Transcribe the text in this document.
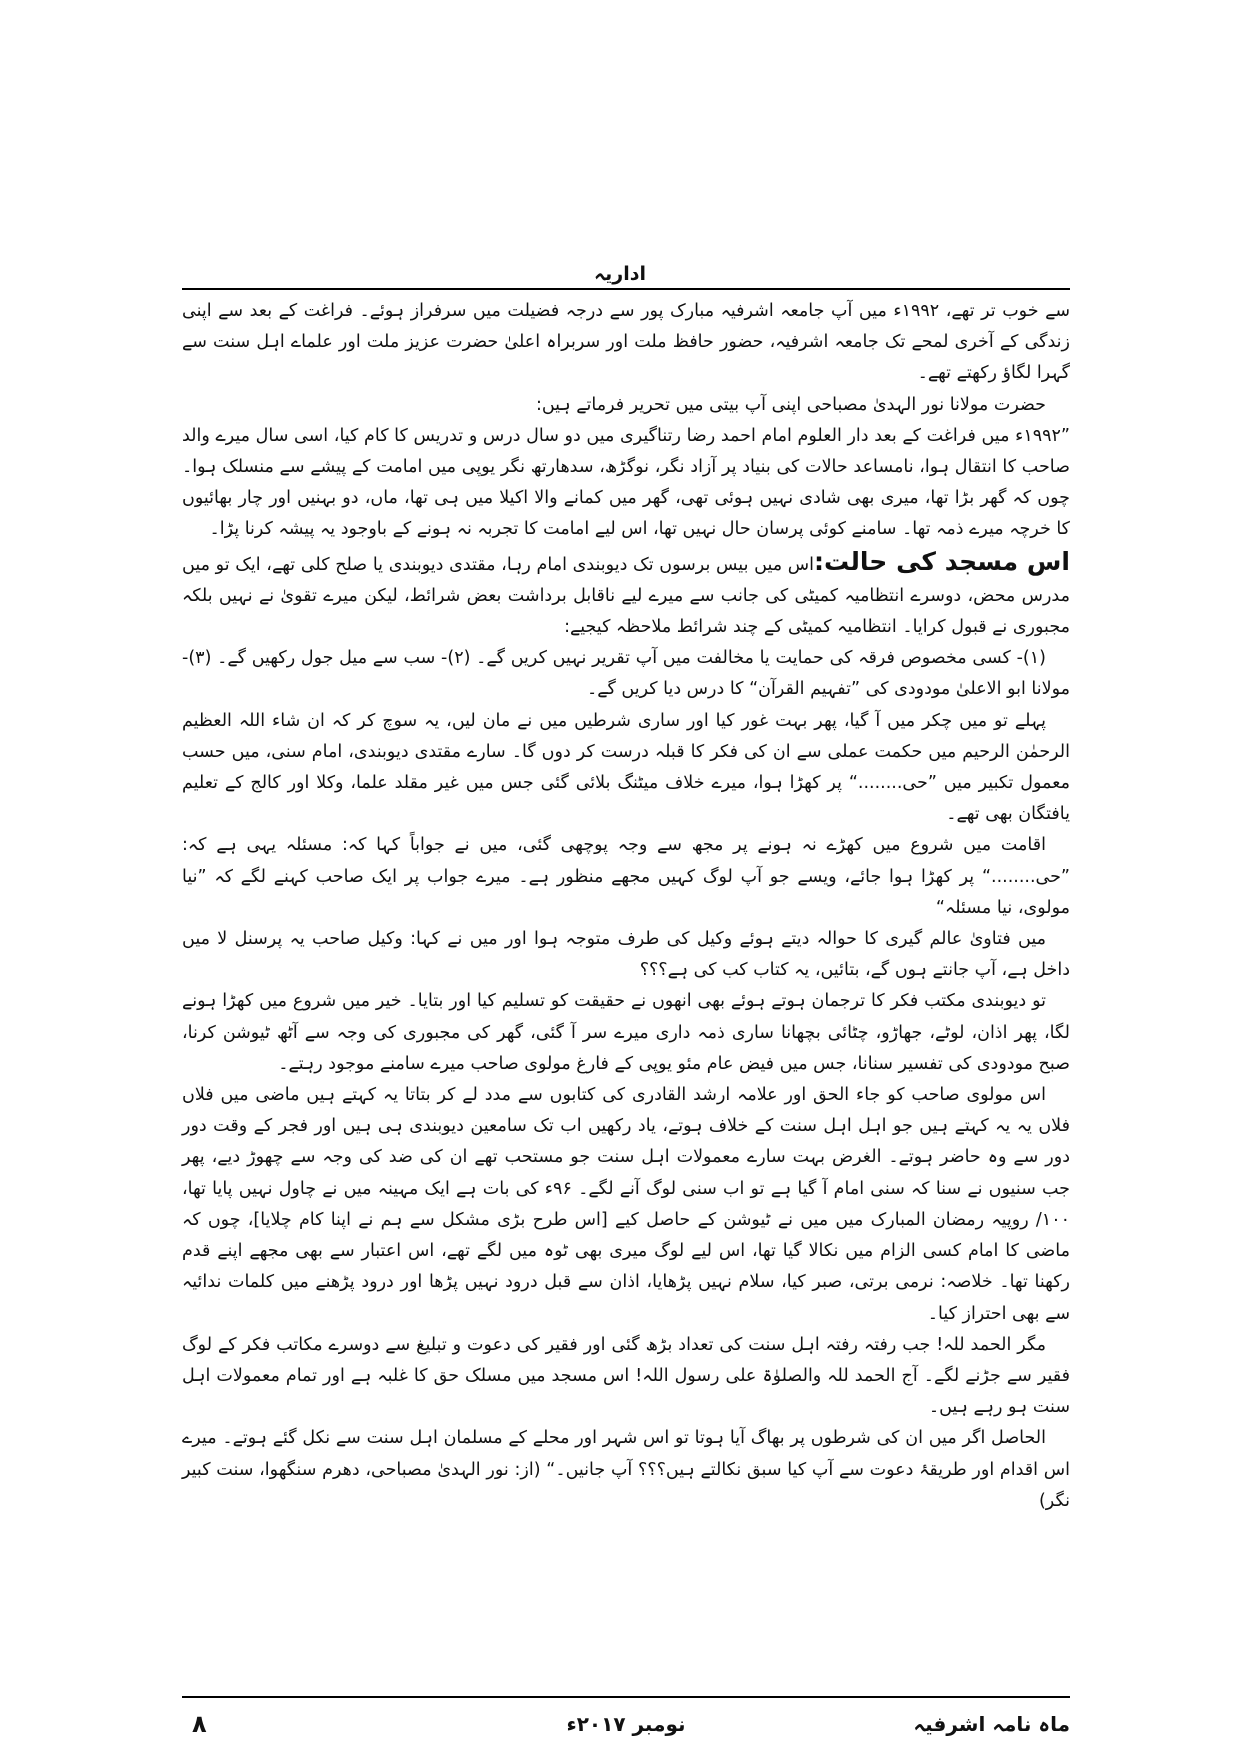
اداریہ

سے خوب تر تھے، ۱۹۹۲ء میں آپ جامعہ اشرفیہ مبارک پور سے درجہ فضیلت میں سرفراز ہوئے۔ فراغت کے بعد سے اپنی زندگی کے آخری لمحے تک جامعہ اشرفیہ، حضور حافظ ملت اور سربراہ اعلیٰ حضرت عزیز ملت اور علماے اہل سنت سے گہرا لگاؤ رکھتے تھے۔

حضرت مولانا نور الہدیٰ مصباحی اپنی آپ بیتی میں تحریر فرماتے ہیں:

”۱۹۹۲ء میں فراغت کے بعد دار العلوم امام احمد رضا رتناگیری میں دو سال درس و تدریس کا کام کیا، اسی سال میرے والد صاحب کا انتقال ہوا، نامساعد حالات کی بنیاد پر آزاد نگر، نوگڑھ، سدھارتھ نگر یوپی میں امامت کے پیشے سے منسلک ہوا۔ چوں کہ گھر بڑا تھا، میری بھی شادی نہیں ہوئی تھی، گھر میں کمانے والا اکیلا میں ہی تھا، ماں، دو بہنیں اور چار بھائیوں کا خرچہ میرے ذمہ تھا۔ سامنے کوئی پرسان حال نہیں تھا، اس لیے امامت کا تجربہ نہ ہونے کے باوجود یہ پیشہ کرنا پڑا۔

اس مسجد کی حالت:اس میں بیس برسوں تک دیوبندی امام رہا، مقتدی دیوبندی یا صلح کلی تھے، ایک تو میں مدرس محض، دوسرے انتظامیہ کمیٹی کی جانب سے میرے لیے ناقابل برداشت بعض شرائط، لیکن میرے تقویٰ نے نہیں بلکہ مجبوری نے قبول کرایا۔ انتظامیہ کمیٹی کے چند شرائط ملاحظہ کیجیے:

(۱)- کسی مخصوص فرقہ کی حمایت یا مخالفت میں آپ تقریر نہیں کریں گے۔ (۲)- سب سے میل جول رکھیں گے۔ (۳)- مولانا ابو الاعلیٰ مودودی کی ”تفہیم القرآن“ کا درس دیا کریں گے۔

پہلے تو میں چکر میں آ گیا، پھر بہت غور کیا اور ساری شرطیں میں نے مان لیں، یہ سوچ کر کہ ان شاء اللہ العظیم الرحمٰن الرحیم میں حکمت عملی سے ان کی فکر کا قبلہ درست کر دوں گا۔ سارے مقتدی دیوبندی، امام سنی، میں حسب معمول تکبیر میں ”حی........“ پر کھڑا ہوا، میرے خلاف میٹنگ بلائی گئی جس میں غیر مقلد علما، وکلا اور کالج کے تعلیم یافتگان بھی تھے۔

اقامت میں شروع میں کھڑے نہ ہونے پر مجھ سے وجہ پوچھی گئی، میں نے جواباً کہا کہ: مسئلہ یہی ہے کہ: ”حی........“ پر کھڑا ہوا جائے، ویسے جو آپ لوگ کہیں مجھے منظور ہے۔ میرے جواب پر ایک صاحب کہنے لگے کہ ”نیا مولوی، نیا مسئلہ“

میں فتاویٰ عالم گیری کا حوالہ دیتے ہوئے وکیل کی طرف متوجہ ہوا اور میں نے کہا: وکیل صاحب یہ پرسنل لا میں داخل ہے، آپ جانتے ہوں گے، بتائیں، یہ کتاب کب کی ہے؟؟؟

تو دیوبندی مکتب فکر کا ترجمان ہوتے ہوئے بھی انھوں نے حقیقت کو تسلیم کیا اور بتایا۔ خیر میں شروع میں کھڑا ہونے لگا، پھر اذان، لوٹے، جھاڑو، چٹائی بچھانا ساری ذمہ داری میرے سر آ گئی، گھر کی مجبوری کی وجہ سے آٹھ ٹیوشن کرنا، صبح مودودی کی تفسیر سنانا، جس میں فیض عام مئو یوپی کے فارغ مولوی صاحب میرے سامنے موجود رہتے۔

اس مولوی صاحب کو جاء الحق اور علامہ ارشد القادری کی کتابوں سے مدد لے کر بتاتا یہ کہتے ہیں ماضی میں فلاں فلاں یہ یہ کہتے ہیں جو اہل اہل سنت کے خلاف ہوتے، یاد رکھیں اب تک سامعین دیوبندی ہی ہیں اور فجر کے وقت دور دور سے وہ حاضر ہوتے۔ الغرض بہت سارے معمولات اہل سنت جو مستحب تھے ان کی ضد کی وجہ سے چھوڑ دیے، پھر جب سنیوں نے سنا کہ سنی امام آ گیا ہے تو اب سنی لوگ آنے لگے۔ ۹۶ء کی بات ہے ایک مہینہ میں نے چاول نہیں پایا تھا، ۱۰۰/ روپیہ رمضان المبارک میں میں نے ٹیوشن کے حاصل کیے [اس طرح بڑی مشکل سے ہم نے اپنا کام چلایا]، چوں کہ ماضی کا امام کسی الزام میں نکالا گیا تھا، اس لیے لوگ میری بھی ٹوہ میں لگے تھے، اس اعتبار سے بھی مجھے اپنے قدم رکھنا تھا۔ خلاصہ: نرمی برتی، صبر کیا، سلام نہیں پڑھایا، اذان سے قبل درود نہیں پڑھا اور درود پڑھنے میں کلمات ندائیہ سے بھی احتراز کیا۔

مگر الحمد للہ! جب رفتہ رفتہ اہل سنت کی تعداد بڑھ گئی اور فقیر کی دعوت و تبلیغ سے دوسرے مکاتب فکر کے لوگ فقیر سے جڑنے لگے۔ آج الحمد للہ والصلوٰۃ علی رسول اللہ! اس مسجد میں مسلک حق کا غلبہ ہے اور تمام معمولات اہل سنت ہو رہے ہیں۔

الحاصل اگر میں ان کی شرطوں پر بھاگ آیا ہوتا تو اس شہر اور محلے کے مسلمان اہل سنت سے نکل گئے ہوتے۔ میرے اس اقدام اور طریقۂ دعوت سے آپ کیا سبق نکالتے ہیں؟؟؟ آپ جانیں۔“ (از: نور الہدیٰ مصباحی، دھرم سنگھوا، سنت کبیر نگر)

۸	نومبر ۲۰۱۷ء	ماہ نامہ اشرفیہ
